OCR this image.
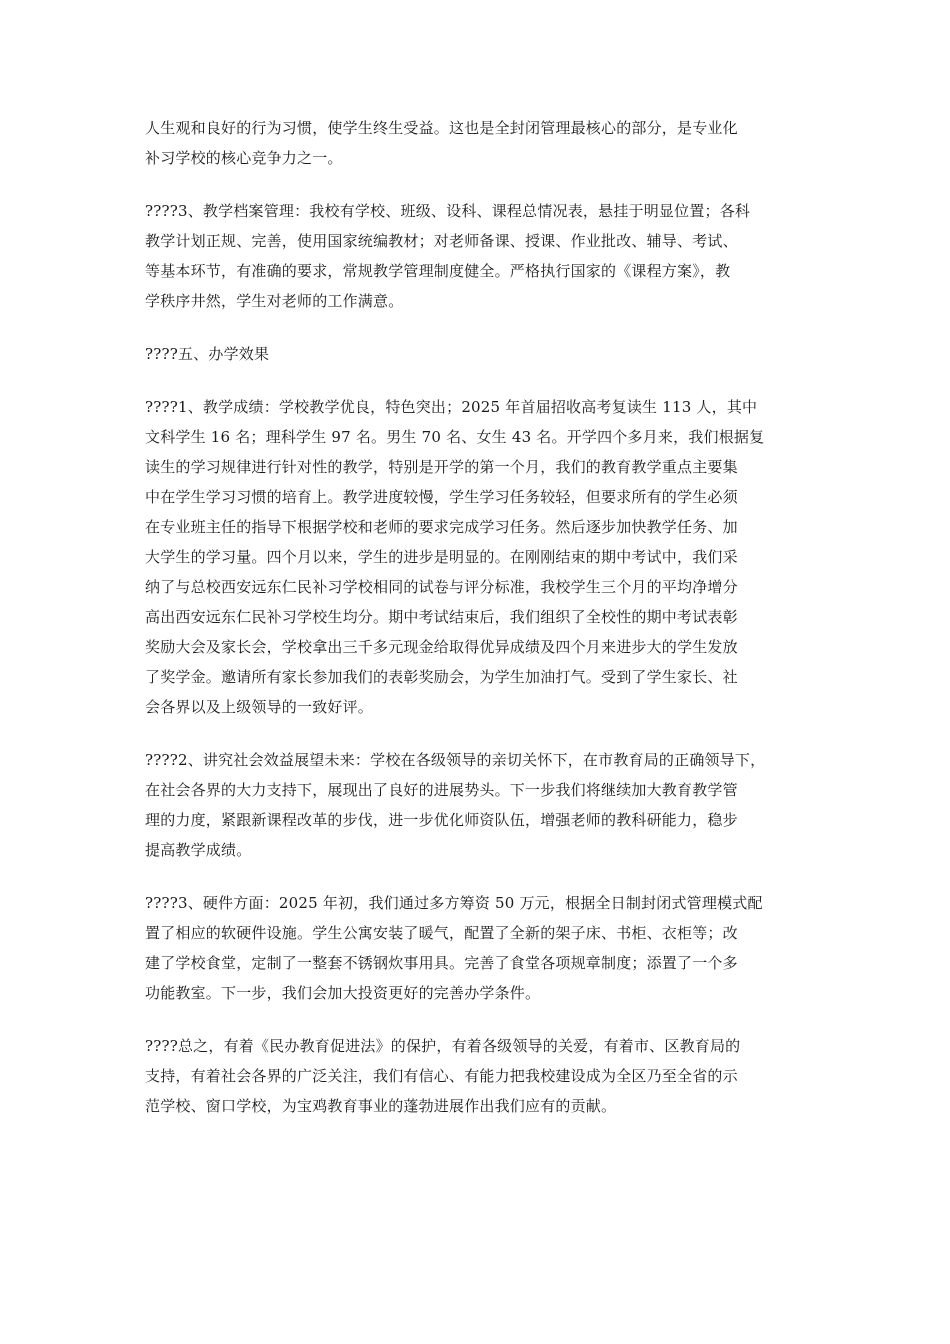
人生观和良好的行为习惯，使学生终生受益。这也是全封闭管理最核心的部分，是专业化
补习学校的核心竞争力之一。

????3、教学档案管理：我校有学校、班级、设科、课程总情况表，悬挂于明显位置；各科
教学计划正规、完善，使用国家统编教材；对老师备课、授课、作业批改、辅导、考试、
等基本环节，有准确的要求，常规教学管理制度健全。严格执行国家的《课程方案》，教
学秩序井然，学生对老师的工作满意。

????五、办学效果

????1、教学成绩：学校教学优良，特色突出；2025 年首届招收高考复读生 113 人，其中
文科学生 16 名；理科学生 97 名。男生 70 名、女生 43 名。开学四个多月来，我们根据复
读生的学习规律进行针对性的教学，特别是开学的第一个月，我们的教育教学重点主要集
中在学生学习习惯的培育上。教学进度较慢，学生学习任务较轻，但要求所有的学生必须
在专业班主任的指导下根据学校和老师的要求完成学习任务。然后逐步加快教学任务、加
大学生的学习量。四个月以来，学生的进步是明显的。在刚刚结束的期中考试中，我们采
纳了与总校西安远东仁民补习学校相同的试卷与评分标准，我校学生三个月的平均净增分
高出西安远东仁民补习学校生均分。期中考试结束后，我们组织了全校性的期中考试表彰
奖励大会及家长会，学校拿出三千多元现金给取得优异成绩及四个月来进步大的学生发放
了奖学金。邀请所有家长参加我们的表彰奖励会，为学生加油打气。受到了学生家长、社
会各界以及上级领导的一致好评。

????2、讲究社会效益展望未来：学校在各级领导的亲切关怀下，在市教育局的正确领导下，
在社会各界的大力支持下，展现出了良好的进展势头。下一步我们将继续加大教育教学管
理的力度，紧跟新课程改革的步伐，进一步优化师资队伍，增强老师的教科研能力，稳步
提高教学成绩。

????3、硬件方面：2025 年初，我们通过多方筹资 50 万元，根据全日制封闭式管理模式配
置了相应的软硬件设施。学生公寓安装了暖气，配置了全新的架子床、书柜、衣柜等；改
建了学校食堂，定制了一整套不锈钢炊事用具。完善了食堂各项规章制度；添置了一个多
功能教室。下一步，我们会加大投资更好的完善办学条件。

????总之，有着《民办教育促进法》的保护，有着各级领导的关爱，有着市、区教育局的
支持，有着社会各界的广泛关注，我们有信心、有能力把我校建设成为全区乃至全省的示
范学校、窗口学校，为宝鸡教育事业的蓬勃进展作出我们应有的贡献。
